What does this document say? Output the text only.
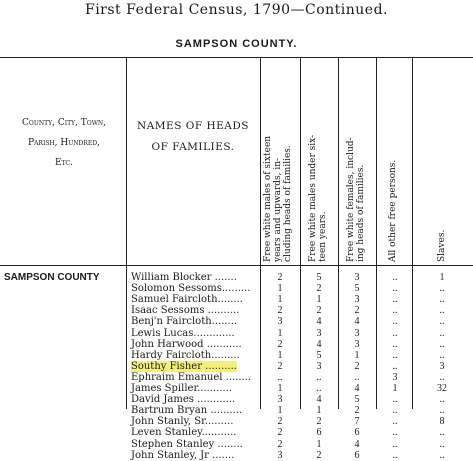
First Federal Census, 1790—Continued.
SAMPSON COUNTY.
County, City, Town,
Parish, Hundred,
Etc.
NAMES OF HEADS
OF FAMILIES.	Free white males of sixteen years and upwards, in- cluding heads of families. Free white males under six- teen years. Free white females, includ- ing heads of families. All other free persons.	Slaves.
SAMPSON COUNTY	William Blocker .......	2	5	3	..	1
Solomon Sessoms.........	1	2	5	..	..
Samuel Faircloth........	1	1	3	..	..
Isaac Sessoms ..........	2	2	2	..	..
Benj'n Faircloth........	3	4	4	..	..
Lewis Lucas.............	1	3	3	..	..
John Harwood ...........	2	4	3	..	..
Hardy Faircloth.........	1	5	1	..	..
Southy Fisher ..........	2	3	2	..	3
Ephraim Emanuel ........	..	..	..	3	..
James Spiller...........	1	..	4	1	32
David James ............	3	4	5	..	..
Bartrum Bryan ..........	1	1	2	..	..
John Stanly, Sr.........	2	2	7	..	8
Leven Stanley...........	2	6	6	..	..
Stephen Stanley ........	2	1	4	..	..
John Stanley, Jr .......	3	2	6	..	..
